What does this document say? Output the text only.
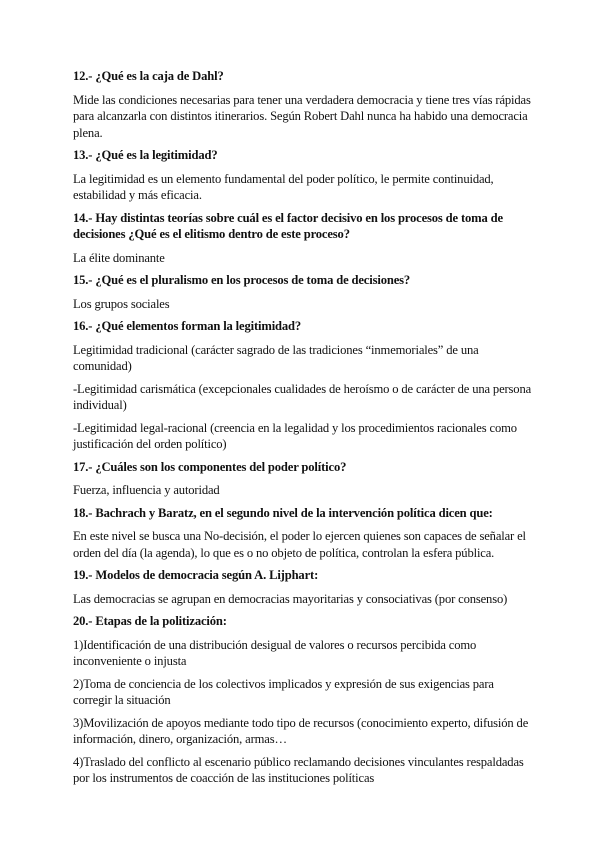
12.- ¿Qué es la caja de Dahl?

Mide las condiciones necesarias para tener una verdadera democracia y tiene tres vías rápidas para alcanzarla con distintos itinerarios. Según Robert Dahl nunca ha habido una democracia plena.

13.- ¿Qué es la legitimidad?

La legitimidad es un elemento fundamental del poder político, le permite continuidad, estabilidad y más eficacia.

14.- Hay distintas teorías sobre cuál es el factor decisivo en los procesos de toma de decisiones ¿Qué es el elitismo dentro de este proceso?

La élite dominante

15.- ¿Qué es el pluralismo en los procesos de toma de decisiones?

Los grupos sociales

16.- ¿Qué elementos forman la legitimidad?

Legitimidad tradicional (carácter sagrado de las tradiciones “inmemoriales” de una comunidad)

-Legitimidad carismática (excepcionales cualidades de heroísmo o de carácter de una persona individual)

-Legitimidad legal-racional (creencia en la legalidad y los procedimientos racionales como justificación del orden político)

17.- ¿Cuáles son los componentes del poder político?

Fuerza, influencia y autoridad

18.- Bachrach y Baratz, en el segundo nivel de la intervención política dicen que:

En este nivel se busca una No-decisión, el poder lo ejercen quienes son capaces de señalar el orden del día (la agenda), lo que es o no objeto de política, controlan la esfera pública.

19.- Modelos de democracia según A. Lijphart:

Las democracias se agrupan en democracias mayoritarias y consociativas (por consenso)

20.- Etapas de la politización:

1)Identificación de una distribución desigual de valores o recursos percibida como inconveniente o injusta

2)Toma de conciencia de los colectivos implicados y expresión de sus exigencias para corregir la situación

3)Movilización de apoyos mediante todo tipo de recursos (conocimiento experto, difusión de información, dinero, organización, armas…

4)Traslado del conflicto al escenario público reclamando decisiones vinculantes respaldadas por los instrumentos de coacción de las instituciones políticas
